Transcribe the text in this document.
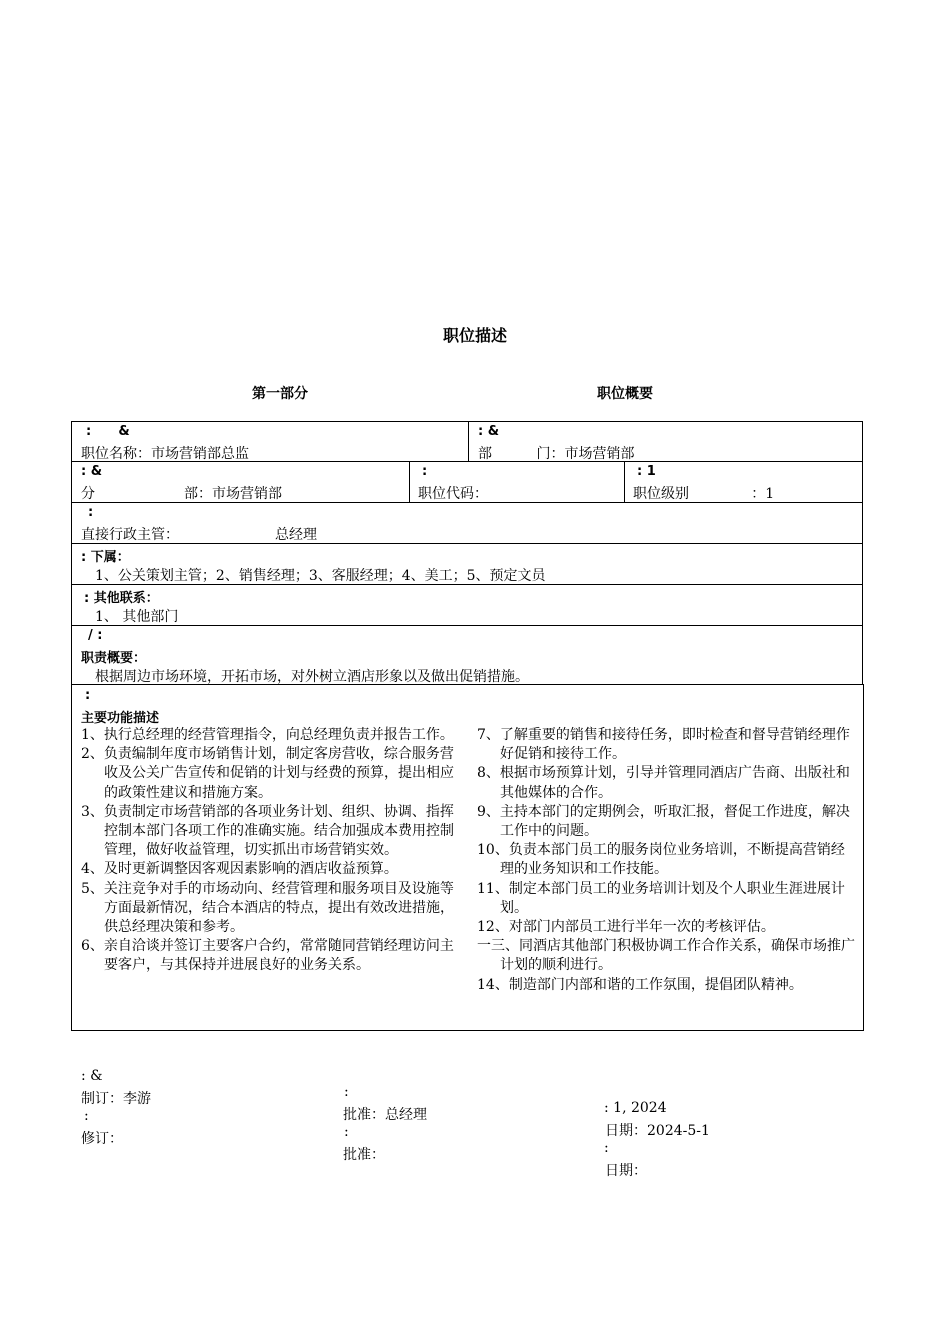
职位描述
第一部分	职位概要
:      &
职位名称：市场营销部总监
: &
部          门：市场营销部
: &
分                    部：市场营销部
:
职位代码：
: 1
职位级别              ：1
:
直接行政主管：	总经理
: 下属：
1、公关策划主管；2、销售经理；3、客服经理；4、美工；5、预定文员
: 其他联系：
1、 其他部门
/ :
职责概要：
根据周边市场环境，开拓市场，对外树立酒店形象以及做出促销措施。
:
主要功能描述
1、执行总经理的经营管理指令，向总经理负责并报告工作。
2、负责编制年度市场销售计划，制定客房营收，综合服务营收及公关广告宣传和促销的计划与经费的预算，提出相应的政策性建议和措施方案。
3、负责制定市场营销部的各项业务计划、组织、协调、指挥控制本部门各项工作的准确实施。结合加强成本费用控制管理，做好收益管理，切实抓出市场营销实效。
4、及时更新调整因客观因素影响的酒店收益预算。
5、关注竞争对手的市场动向、经营管理和服务项目及设施等方面最新情况，结合本酒店的特点，提出有效改进措施，供总经理决策和参考。
6、亲自洽谈并签订主要客户合约，常常随同营销经理访问主要客户，与其保持并进展良好的业务关系。
7、了解重要的销售和接待任务，即时检查和督导营销经理作好促销和接待工作。
8、根据市场预算计划，引导并管理同酒店广告商、出版社和其他媒体的合作。
9、主持本部门的定期例会，听取汇报，督促工作进度，解决工作中的问题。
10、负责本部门员工的服务岗位业务培训，不断提高营销经理的业务知识和工作技能。
11、制定本部门员工的业务培训计划及个人职业生涯进展计划。
12、对部门内部员工进行半年一次的考核评估。
一三、同酒店其他部门积极协调工作合作关系，确保市场推广计划的顺利进行。
14、制造部门内部和谐的工作氛围，提倡团队精神。

: &

:

: 1, 2024

制订：李游

批准：总经理

日期：2024-5-1

:

:

:

修订：

批准：

日期：
